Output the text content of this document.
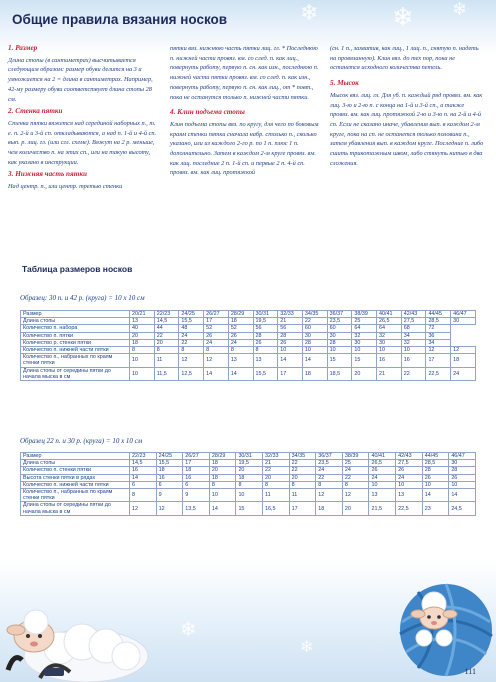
❄	❄ ❄
❄
❄
Общие правила вязания носков
1. Размер

Длина стопы (в сантиметрах) высчитывается следующим образом: размер обуви делится на 3 и умножается на 2 = длина в сантиметрах. Например, 42-му размеру обуви соответствует длина стопы 28 см.

2. Стенка пятки

Стенка пятки вяжется над серединой наборных п., т. е. п. 2-й и 3-й сп. откладываются, а над п. 1-й и 4-й сп. вып. р. лиц. гл. (или сгл. схеме). Вяжут на 2 р. меньше, чем количество п. на этих сп., или на такую высоту, как указано в инструкции.

3. Нижняя часть пятки

Над центр. п., или центр. третью стенки

пятки вяз. нижнюю часть пятки лиц. гл. * Последнюю п. нижней части провяз. вм. со след. п. как лиц., повернуть работу, первую п. сн. как изн., последнюю п. нижней части пятки провяз. вм. со след. п. как изн., повернуть работу, первую п. сн. как лиц., от * повт., пока не останутся только п. нижней части пятки.

4. Клин подъема стопы

Клин подъема стопы вяз. по кругу, для чего по боковым краям стенки пятки сначала набр. столько п., сколько указано, или из каждого 2-го р. по 1 п. плюс 1 п. дополнительно. Затем в каждом 2-м круге провяз. вм. как лиц. последние 2 п. 1-й сп. и первые 2 п. 4-й сп. провяз. вм. как лиц. протяжкой

(сн. 1 п., захватив, как лиц., 1 лиц. п., снятую п. надеть на провязанную). Клин вяз. до тех пор, пока не останется исходного количества петель.

5. Мысок

Мысок вяз. лиц. гл. Для уб. п. каждый ряд провяз. вм. как лиц. 3-ю и 2-ю п. с конца на 1-й и 3-й сп., а также провяз. вм. как лиц. протяжкой 2-ю и 3-ю п. на 2-й и 4-й сп. Если не сказано иначе, убавления вып. в каждом 2-м круге, пока на сп. не останется только половина п., затем убавления вып. в каждом круге. Последние п. либо сшить трикотажным швом, либо стянуть нитью в два сложения.

Таблица размеров носков
Образец: 30 п. и 42 р. (круга) = 10 х 10 см
Размер	20/21	22/23	24/25	26/27	28/29	30/31	32/33	34/35	36/37	38/39	40/41	42/43	44/45	46/47
Длина стопы	13	14,5	15,5	17	18	19,5	21	22	23,5	25	26,5	27,5	28,5	30
Количество п. набора	40	44	48	52	52	56	56	60	60	64	64	68	72	
Количество п. пятки	20	22	24	26	26	28	28	30	30	32	32	34	36	
Количество р. стенки пятки	18	20	22	24	24	26	26	28	28	30	30	32	34	
Количество п. нижней части пятки	8	8	8	8	8	8	10	10	10	10	10	10	12	12
Количество п., набранных по краям стенки пятки	10	11	12	12	13	13	14	14	15	15	16	16	17	18
Длина стопы от середины пятки до начала мыска в см	10	11,5	12,5	14	14	15,5	17	18	18,5	20	21	22	22,5	24
Образец 22 п. и 30 р. (круга) = 10 х 10 см
Размер	22/23	24/25	26/27	28/29	30/31	32/33	34/35	36/37	38/39	40/41	42/43	44/45	46/47
Длина стопы	14,5	15,5	17	18	19,5	21	22	23,5	25	26,5	27,5	28,5	30
Количество п. стенки пятки	16	18	18	20	20	22	22	24	24	26	26	28	28
Высота стенки пятки в рядах	14	16	16	18	18	20	20	22	22	24	24	26	26
Количество п. нижней части пятки	6	6	6	8	8	8	8	8	8	10	10	10	10
Количество п., набранных по краям стенки пятки	8	9	9	10	10	11	11	12	12	13	13	14	14
Длина стопы от середины пятки до начала мыска в см	12	12	13,5	14	15	16,5	17	18	20	21,5	22,5	23	24,5
111
